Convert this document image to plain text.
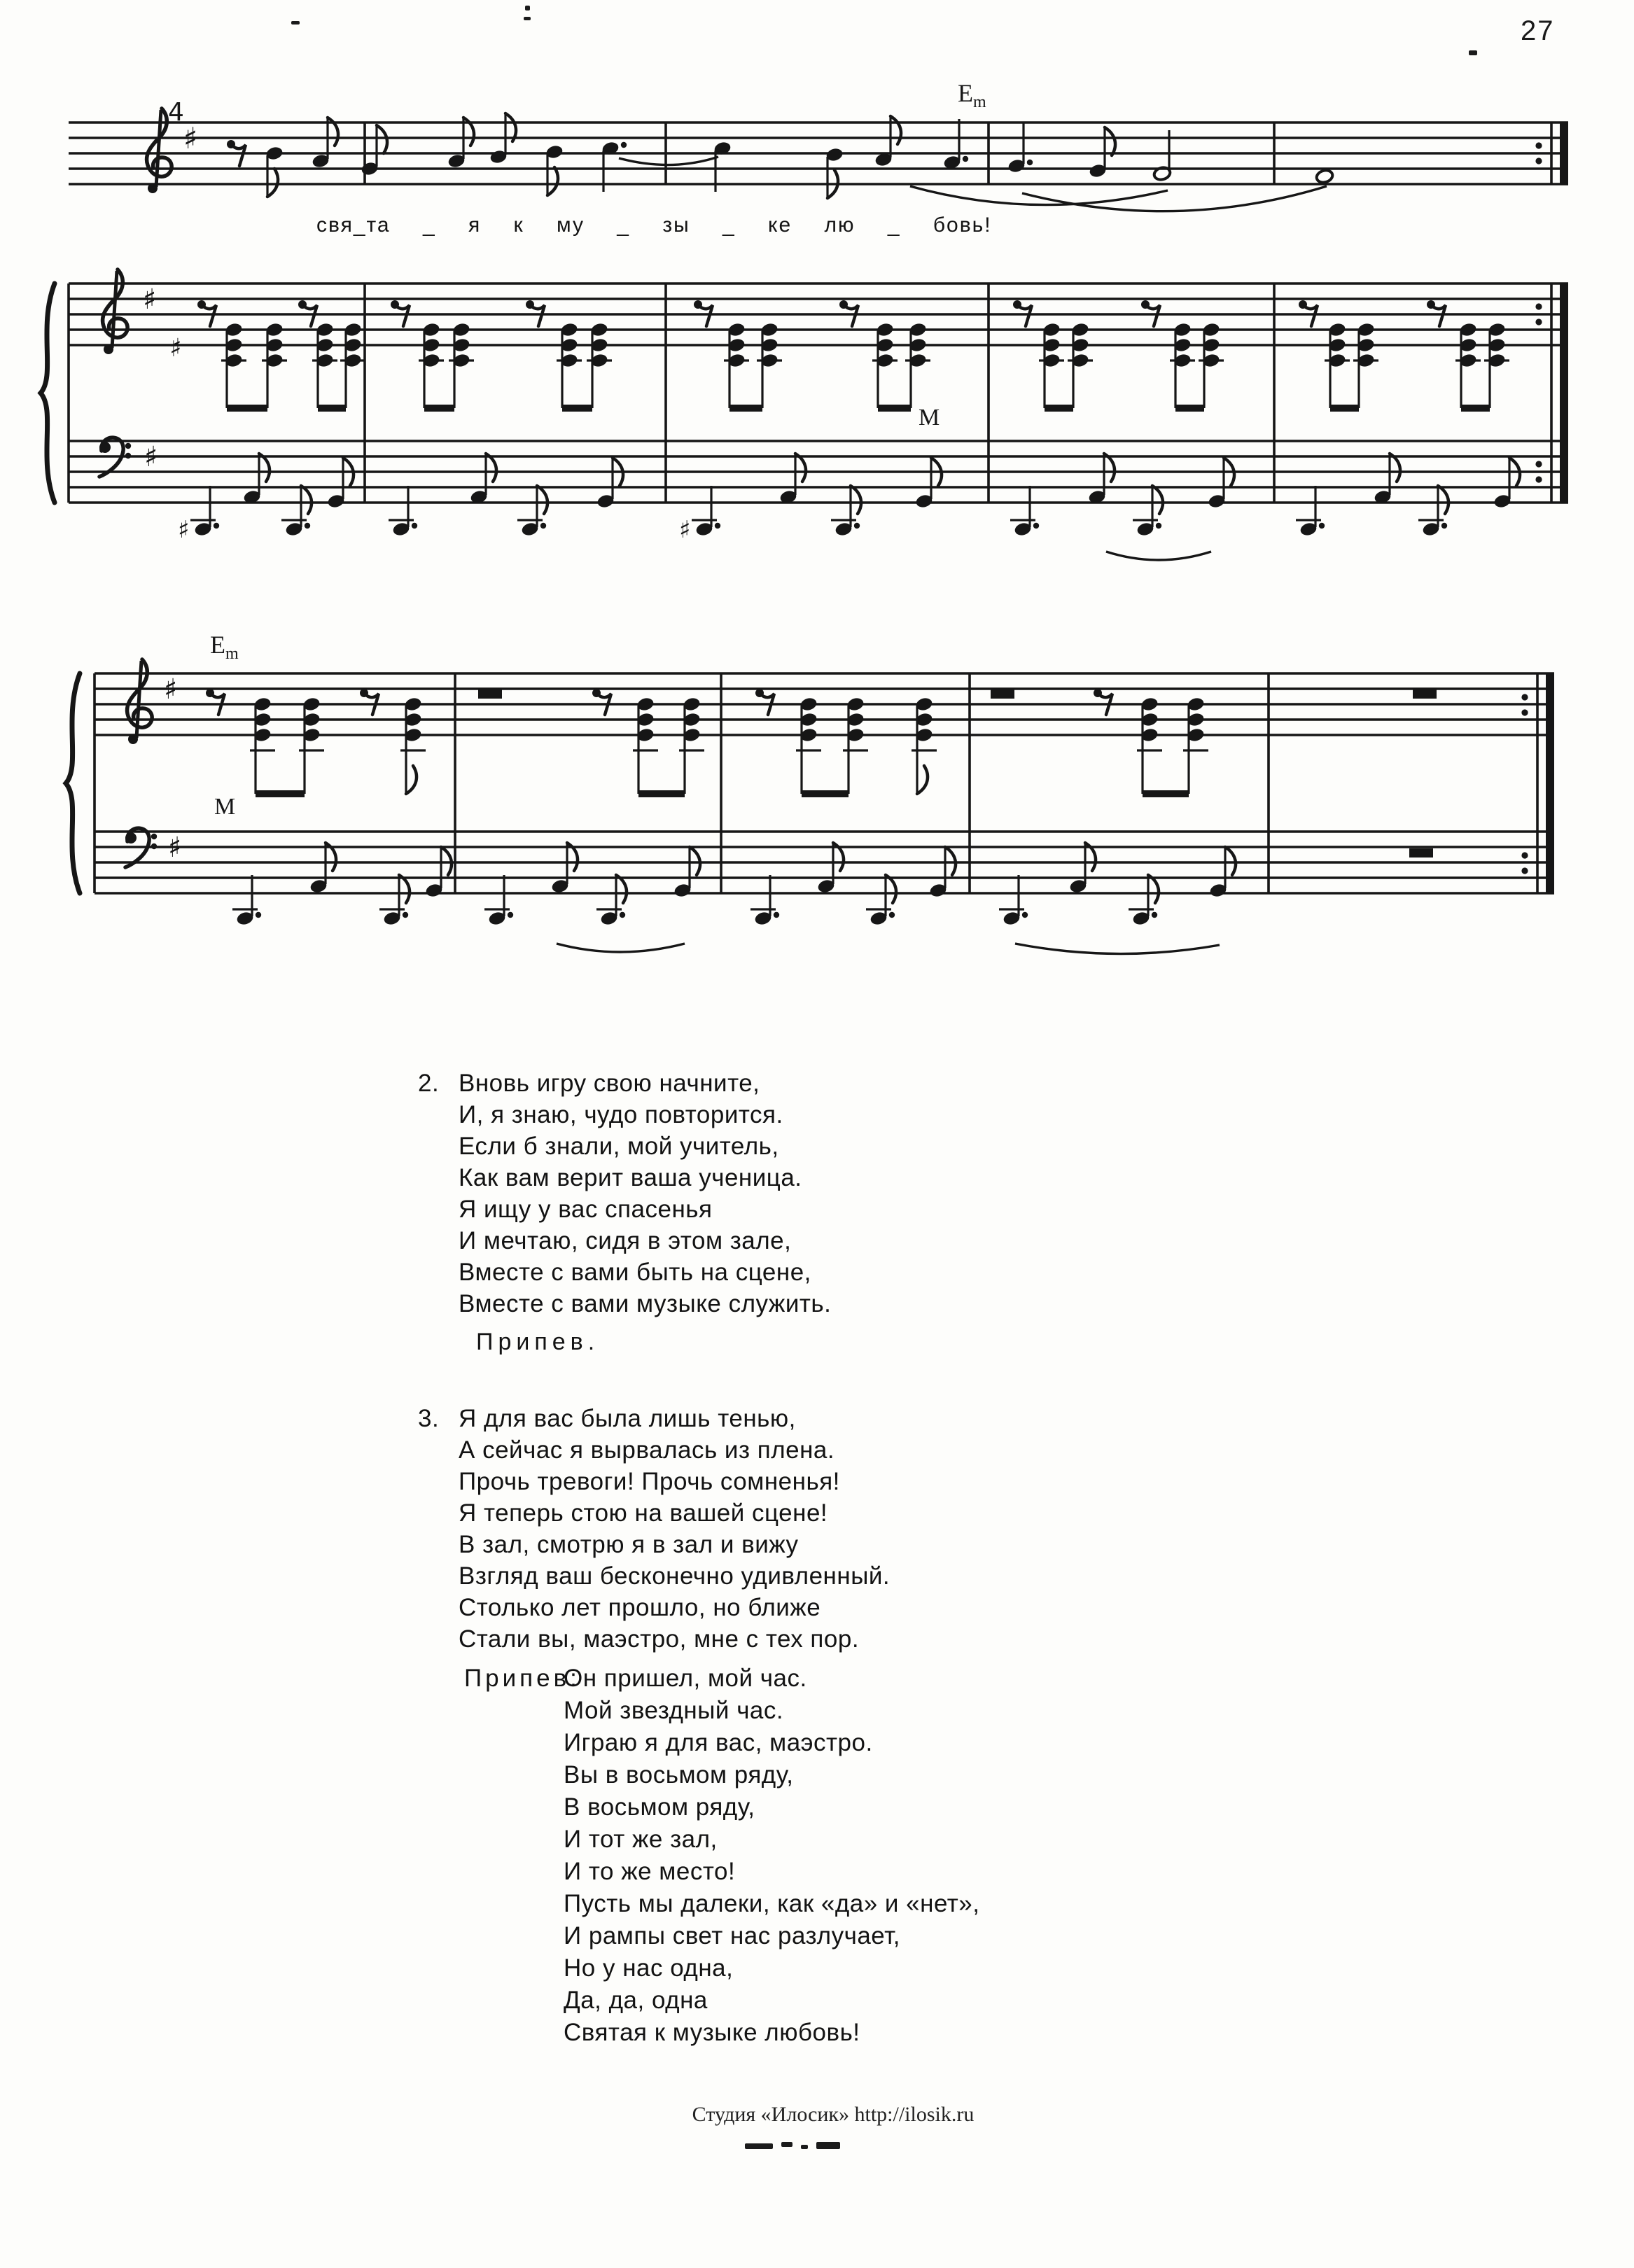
♯
4
♯
♯
♯
♯	♯
♯
♯
27
$E_m$
M
свя_та _ я к му _ зы _ ке лю _ бовь!
$E_m$
M
2. Вновь игру свою начните,
И, я знаю, чудо повторится.
Если б знали, мой учитель,
Как вам верит ваша ученица.
Я ищу у вас спасенья
И мечтаю, сидя в этом зале,
Вместе с вами быть на сцене,
Вместе с вами музыке служить.
Припев.
3. Я для вас была лишь тенью,
А сейчас я вырвалась из плена.
Прочь тревоги! Прочь сомненья!
Я теперь стою на вашей сцене!
В зал, смотрю я в зал и вижу
Взгляд ваш бесконечно удивленный.
Столько лет прошло, но ближе
Стали вы, маэстро, мне с тех пор.
Припев:
Он пришел, мой час.
Мой звездный час.
Играю я для вас, маэстро.
Вы в восьмом ряду,
В восьмом ряду,
И тот же зал,
И то же место!
Пусть мы далеки, как «да» и «нет»,
И рампы свет нас разлучает,
Но у нас одна,
Да, да, одна
Святая к музыке любовь!
Студия «Илосик» http://ilosik.ru
